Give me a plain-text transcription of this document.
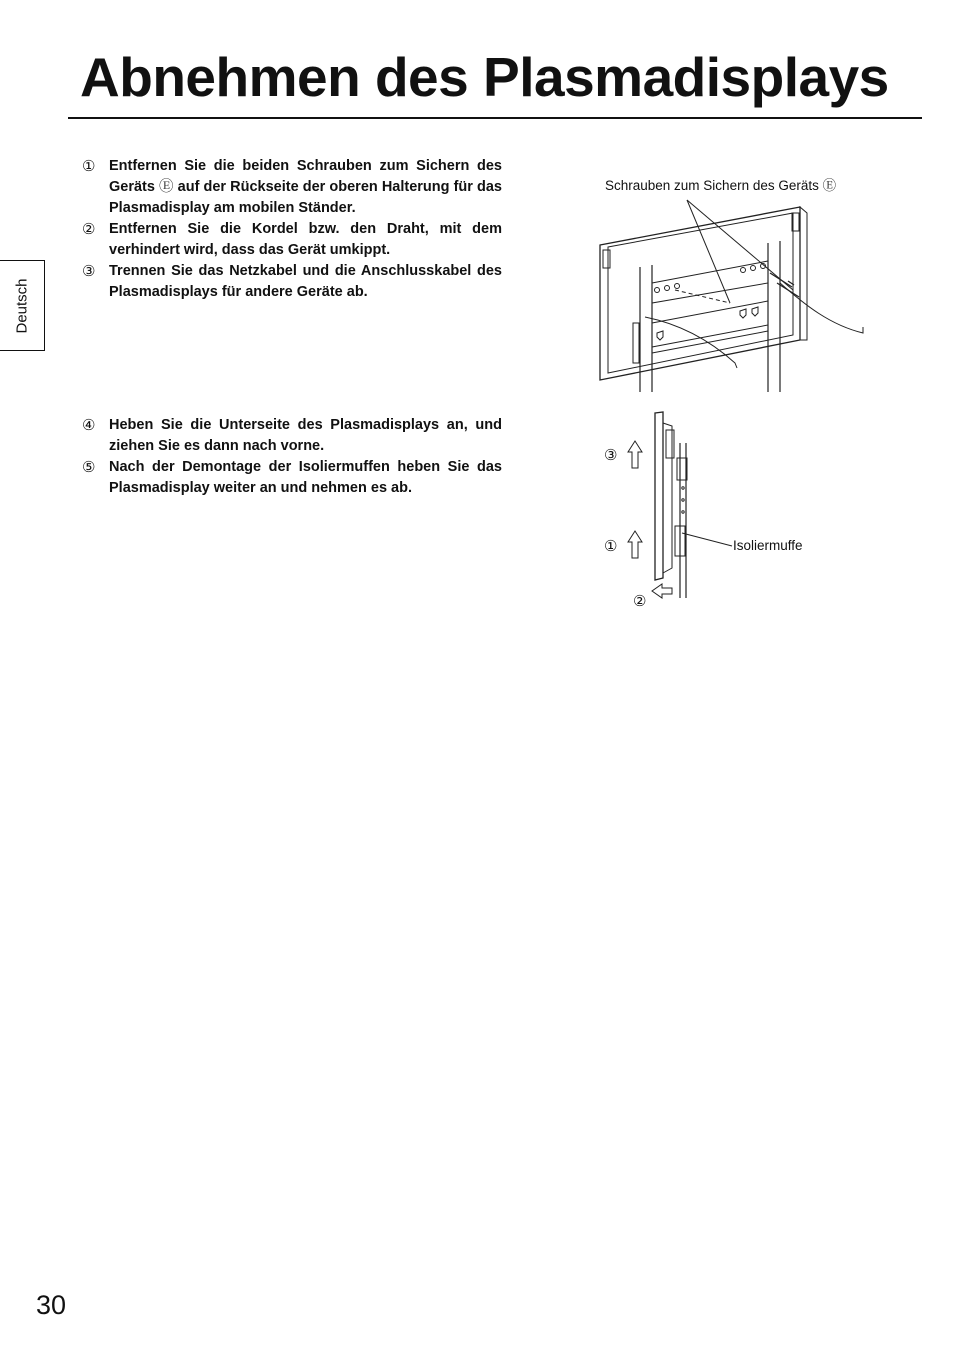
Abnehmen des Plasmadisplays
Deutsch
① Entfernen Sie die beiden Schrauben zum Sichern des Geräts Ⓔ auf der Rückseite der oberen Halterung für das Plasmadisplay am mobilen Ständer.
② Entfernen Sie die Kordel bzw. den Draht, mit dem verhindert wird, dass das Gerät umkippt.
③ Trennen Sie das Netzkabel und die Anschlusskabel des Plasmadisplays für andere Geräte ab.
④ Heben Sie die Unterseite des Plasmadisplays an, und ziehen Sie es dann nach vorne.
⑤ Nach der Demontage der Isoliermuffen heben Sie das Plasmadisplay weiter an und nehmen es ab.
Schrauben zum Sichern des Geräts Ⓔ
③
①
②
Isoliermuffe
30
